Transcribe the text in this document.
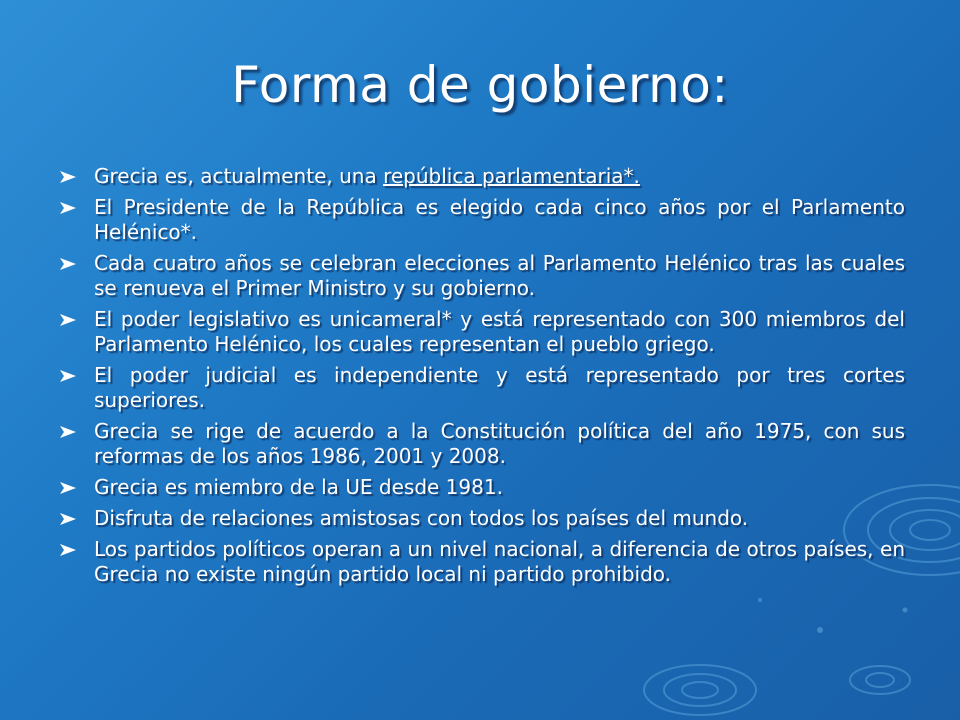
Forma de gobierno:
Grecia es, actualmente, una república parlamentaria*.
El Presidente de la República es elegido cada cinco años por el Parlamento Helénico*.
Cada cuatro años se celebran elecciones al Parlamento Helénico tras las cuales se renueva el Primer Ministro y su gobierno.
El poder legislativo es unicameral* y está representado con 300 miembros del Parlamento Helénico, los cuales representan el pueblo griego.
El poder judicial es independiente y está representado por tres cortes superiores.
Grecia se rige de acuerdo a la Constitución política del año 1975, con sus reformas de los años 1986, 2001 y 2008.
Grecia es miembro de la UE desde 1981.
Disfruta de relaciones amistosas con todos los países del mundo.
Los partidos políticos operan a un nivel nacional, a diferencia de otros países, en Grecia no existe ningún partido local ni partido prohibido.
